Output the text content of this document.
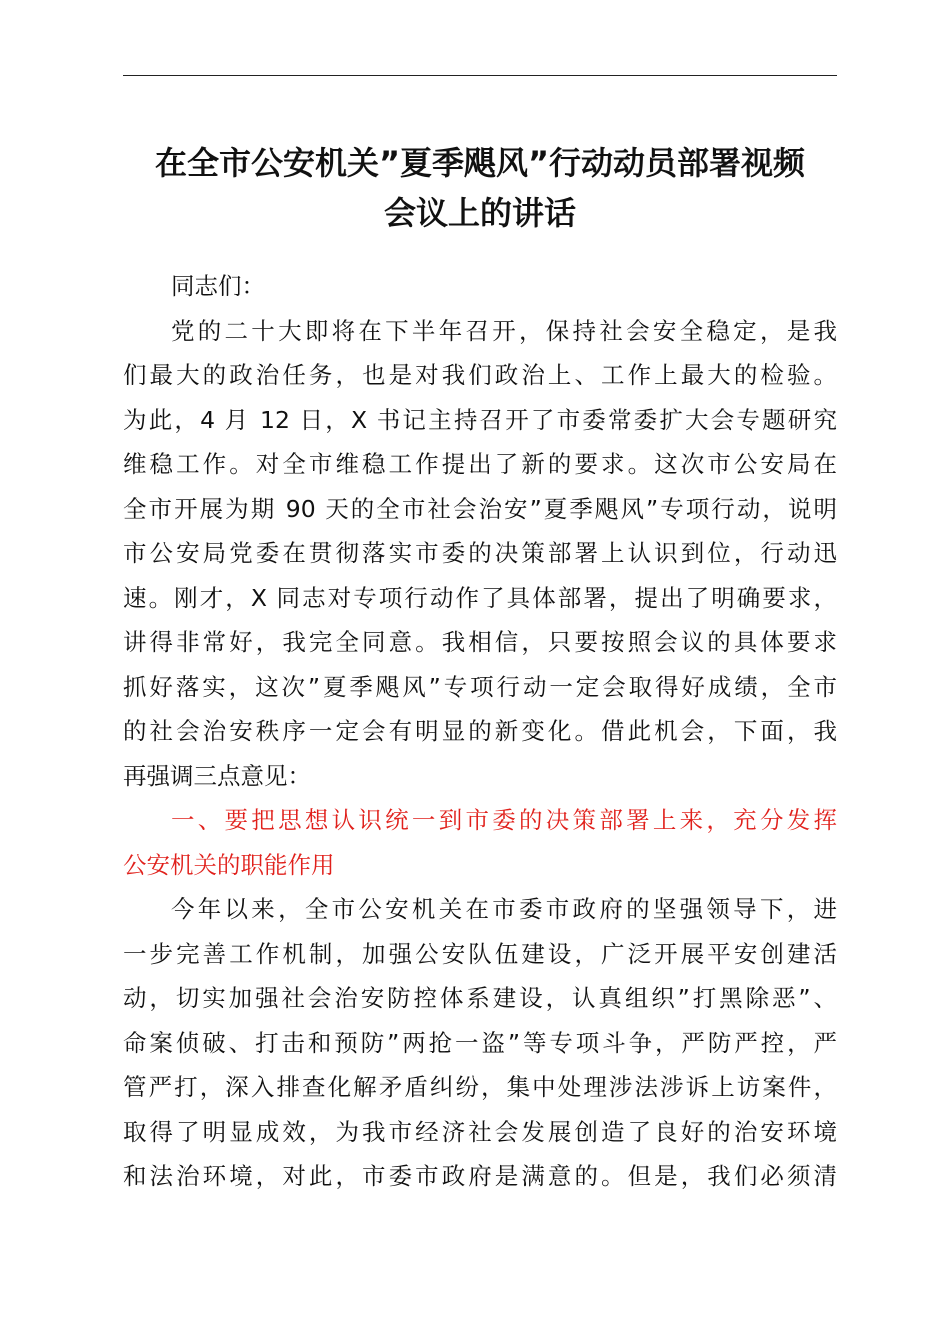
在全市公安机关”夏季飓风”行动动员部署视频
会议上的讲话
同志们：
党的二十大即将在下半年召开，保持社会安全稳定，是我
们最大的政治任务，也是对我们政治上、工作上最大的检验。
为此，4 月 12 日，X 书记主持召开了市委常委扩大会专题研究
维稳工作。对全市维稳工作提出了新的要求。这次市公安局在
全市开展为期 90 天的全市社会治安”夏季飓风”专项行动，说明
市公安局党委在贯彻落实市委的决策部署上认识到位，行动迅
速。刚才，X 同志对专项行动作了具体部署，提出了明确要求，
讲得非常好，我完全同意。我相信，只要按照会议的具体要求
抓好落实，这次”夏季飓风”专项行动一定会取得好成绩，全市
的社会治安秩序一定会有明显的新变化。借此机会，下面，我
再强调三点意见：
一、要把思想认识统一到市委的决策部署上来，充分发挥
公安机关的职能作用
今年以来，全市公安机关在市委市政府的坚强领导下，进
一步完善工作机制，加强公安队伍建设，广泛开展平安创建活
动，切实加强社会治安防控体系建设，认真组织”打黑除恶”、
命案侦破、打击和预防”两抢一盗”等专项斗争，严防严控，严
管严打，深入排查化解矛盾纠纷，集中处理涉法涉诉上访案件，
取得了明显成效，为我市经济社会发展创造了良好的治安环境
和法治环境，对此，市委市政府是满意的。但是，我们必须清
